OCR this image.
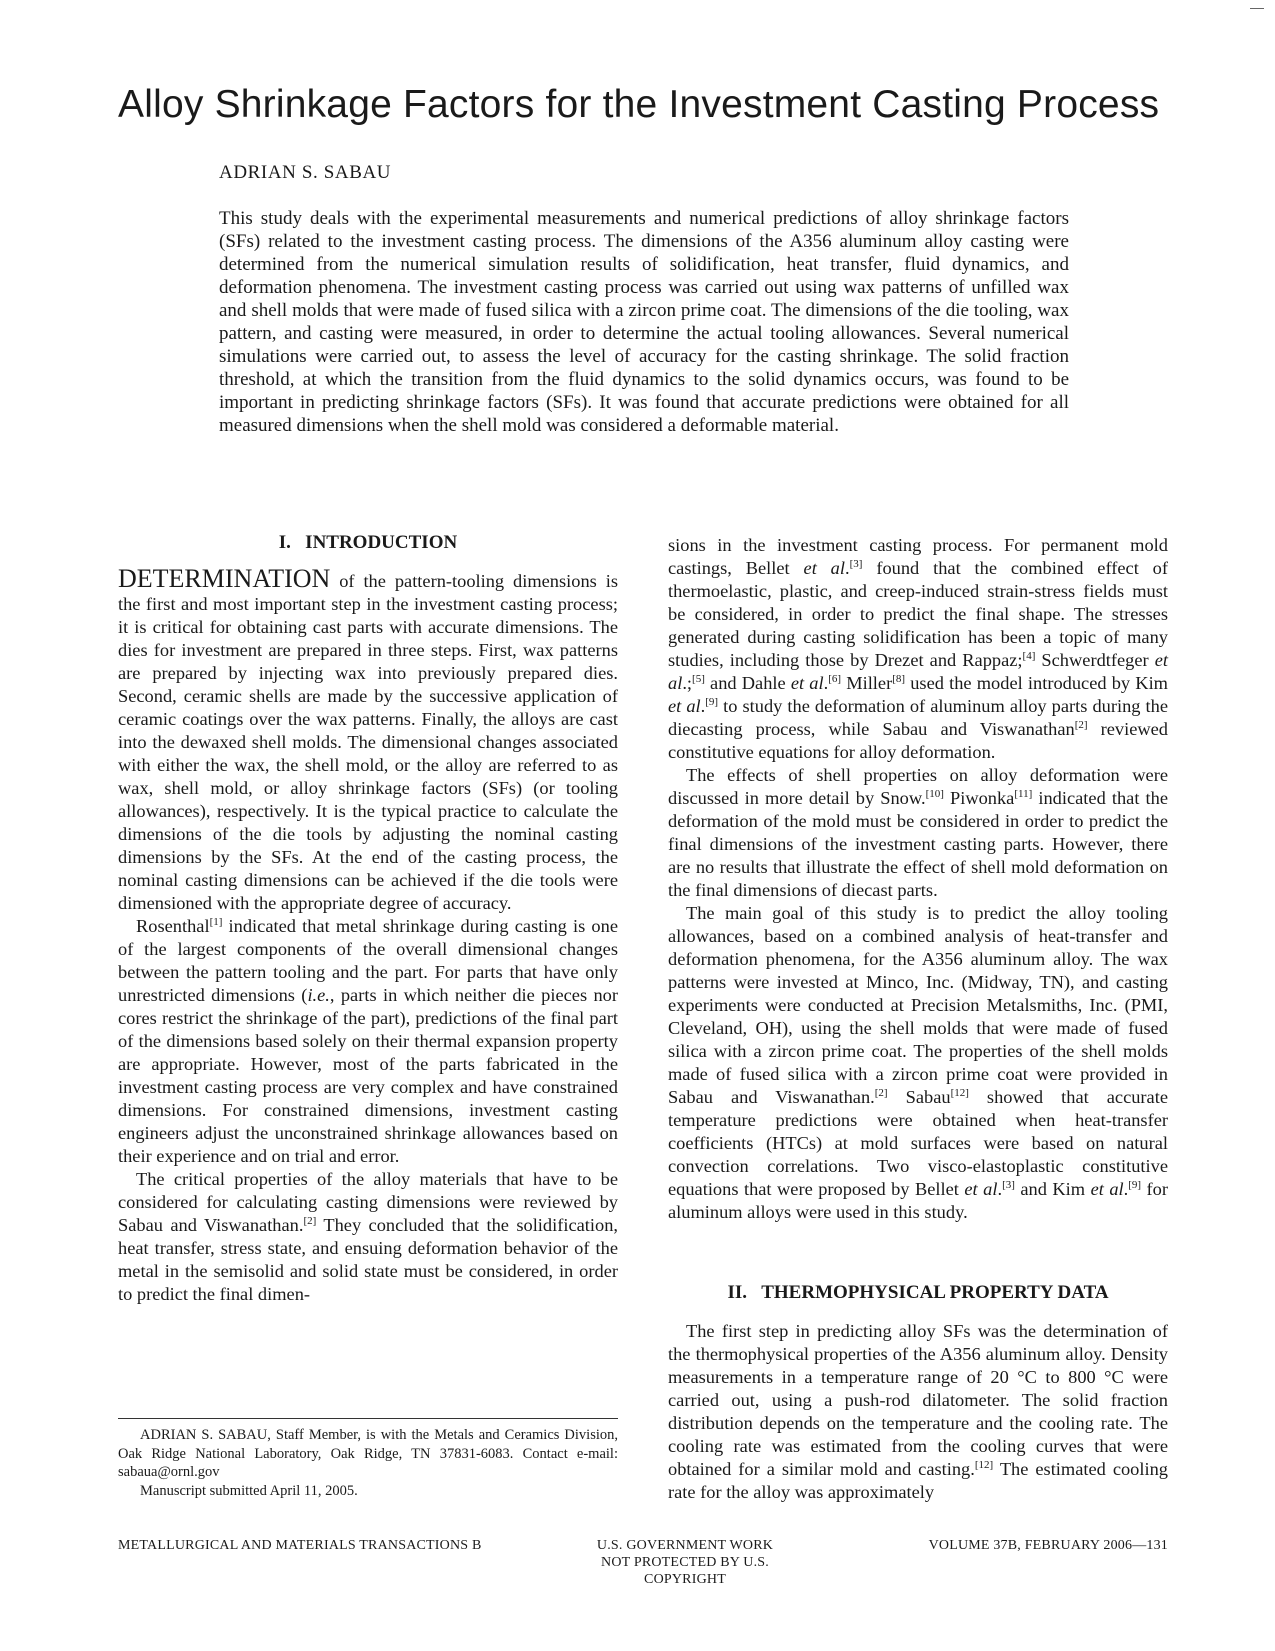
Alloy Shrinkage Factors for the Investment Casting Process
ADRIAN S. SABAU

This study deals with the experimental measurements and numerical predictions of alloy shrinkage factors (SFs) related to the investment casting process. The dimensions of the A356 aluminum alloy casting were determined from the numerical simulation results of solidification, heat transfer, fluid dynamics, and deformation phenomena. The investment casting process was carried out using wax patterns of unfilled wax and shell molds that were made of fused silica with a zircon prime coat. The dimensions of the die tooling, wax pattern, and casting were measured, in order to determine the actual tooling allowances. Several numerical simulations were carried out, to assess the level of accuracy for the casting shrinkage. The solid fraction threshold, at which the transition from the fluid dynamics to the solid dynamics occurs, was found to be important in predicting shrinkage factors (SFs). It was found that accurate predictions were obtained for all measured dimensions when the shell mold was considered a deformable material.

I.   INTRODUCTION

DETERMINATION of the pattern-tooling dimensions is the first and most important step in the investment casting process; it is critical for obtaining cast parts with accurate dimensions. The dies for investment are prepared in three steps. First, wax patterns are prepared by injecting wax into previously prepared dies. Second, ceramic shells are made by the successive application of ceramic coatings over the wax patterns. Finally, the alloys are cast into the dewaxed shell molds. The dimensional changes associated with either the wax, the shell mold, or the alloy are referred to as wax, shell mold, or alloy shrinkage factors (SFs) (or tooling allowances), respectively. It is the typical practice to calculate the dimensions of the die tools by adjusting the nominal casting dimensions by the SFs. At the end of the casting process, the nominal casting dimensions can be achieved if the die tools were dimensioned with the appropriate degree of accuracy.

Rosenthal[1] indicated that metal shrinkage during casting is one of the largest components of the overall dimensional changes between the pattern tooling and the part. For parts that have only unrestricted dimensions (i.e., parts in which neither die pieces nor cores restrict the shrinkage of the part), predictions of the final part of the dimensions based solely on their thermal expansion property are appropriate. However, most of the parts fabricated in the investment casting process are very complex and have constrained dimensions. For constrained dimensions, investment casting engineers adjust the unconstrained shrinkage allowances based on their experience and on trial and error.

The critical properties of the alloy materials that have to be considered for calculating casting dimensions were reviewed by Sabau and Viswanathan.[2] They concluded that the solidification, heat transfer, stress state, and ensuing deformation behavior of the metal in the semisolid and solid state must be considered, in order to predict the final dimen-

sions in the investment casting process. For permanent mold castings, Bellet et al.[3] found that the combined effect of thermoelastic, plastic, and creep-induced strain-stress fields must be considered, in order to predict the final shape. The stresses generated during casting solidification has been a topic of many studies, including those by Drezet and Rappaz;[4] Schwerdtfeger et al.;[5] and Dahle et al.[6] Miller[8] used the model introduced by Kim et al.[9] to study the deformation of aluminum alloy parts during the diecasting process, while Sabau and Viswanathan[2] reviewed constitutive equations for alloy deformation.

The effects of shell properties on alloy deformation were discussed in more detail by Snow.[10] Piwonka[11] indicated that the deformation of the mold must be considered in order to predict the final dimensions of the investment casting parts. However, there are no results that illustrate the effect of shell mold deformation on the final dimensions of diecast parts.

The main goal of this study is to predict the alloy tooling allowances, based on a combined analysis of heat-transfer and deformation phenomena, for the A356 aluminum alloy. The wax patterns were invested at Minco, Inc. (Midway, TN), and casting experiments were conducted at Precision Metalsmiths, Inc. (PMI, Cleveland, OH), using the shell molds that were made of fused silica with a zircon prime coat. The properties of the shell molds made of fused silica with a zircon prime coat were provided in Sabau and Viswanathan.[2] Sabau[12] showed that accurate temperature predictions were obtained when heat-transfer coefficients (HTCs) at mold surfaces were based on natural convection correlations. Two visco-elastoplastic constitutive equations that were proposed by Bellet et al.[3] and Kim et al.[9] for aluminum alloys were used in this study.

II.   THERMOPHYSICAL PROPERTY DATA

The first step in predicting alloy SFs was the determination of the thermophysical properties of the A356 aluminum alloy. Density measurements in a temperature range of 20 °C to 800 °C were carried out, using a push-rod dilatometer. The solid fraction distribution depends on the temperature and the cooling rate. The cooling rate was estimated from the cooling curves that were obtained for a similar mold and casting.[12] The estimated cooling rate for the alloy was approximately

ADRIAN S. SABAU, Staff Member, is with the Metals and Ceramics Division, Oak Ridge National Laboratory, Oak Ridge, TN 37831-6083. Contact e-mail: sabaua@ornl.gov

Manuscript submitted April 11, 2005.

METALLURGICAL AND MATERIALS TRANSACTIONS B	U.S. GOVERNMENT WORK
NOT PROTECTED BY U.S. COPYRIGHT
VOLUME 37B, FEBRUARY 2006—131
